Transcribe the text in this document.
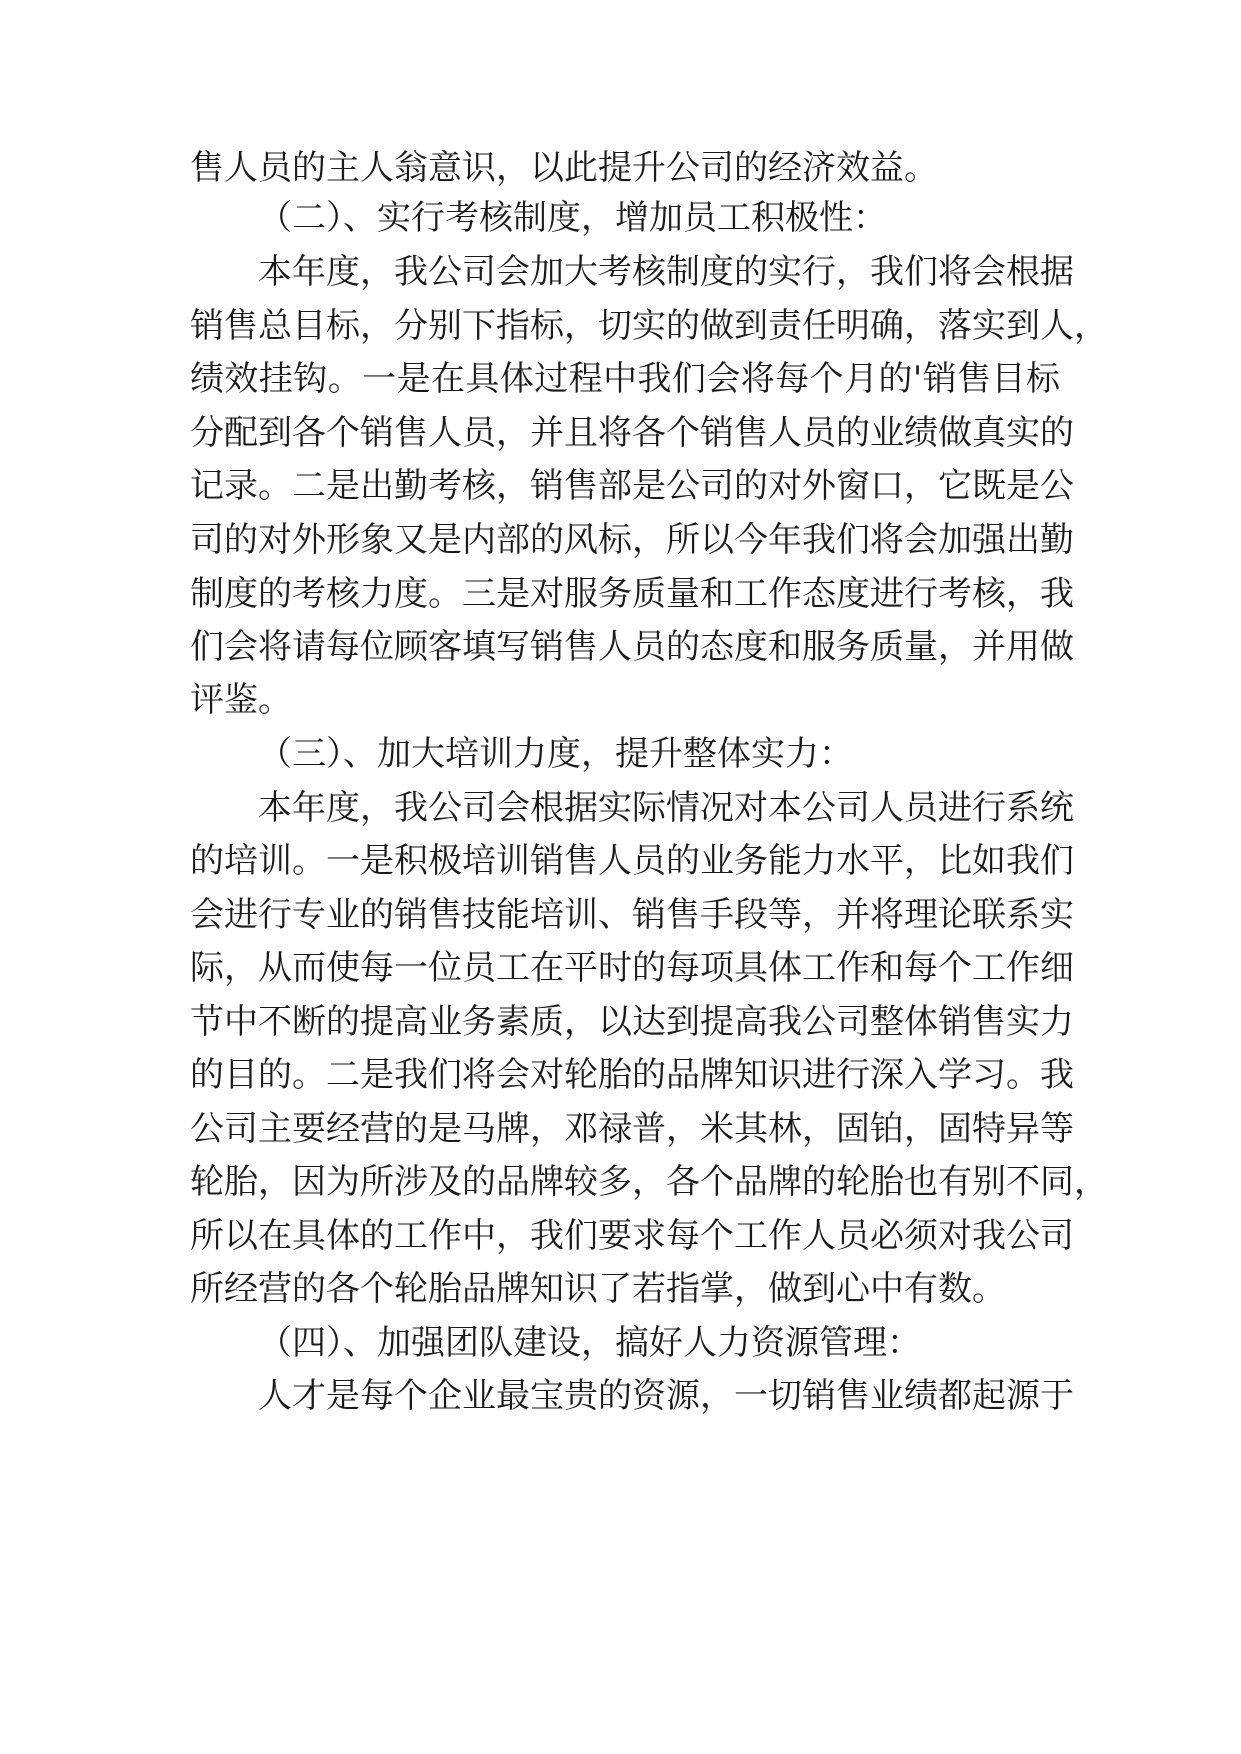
售人员的主人翁意识，以此提升公司的经济效益。

（二）、实行考核制度，增加员工积极性：

本年度，我公司会加大考核制度的实行，我们将会根据

销售总目标，分别下指标，切实的做到责任明确，落实到人，

绩效挂钩。一是在具体过程中我们会将每个月的'销售目标

分配到各个销售人员，并且将各个销售人员的业绩做真实的

记录。二是出勤考核，销售部是公司的对外窗口，它既是公

司的对外形象又是内部的风标，所以今年我们将会加强出勤

制度的考核力度。三是对服务质量和工作态度进行考核，我

们会将请每位顾客填写销售人员的态度和服务质量，并用做

评鉴。

（三）、加大培训力度，提升整体实力：

本年度，我公司会根据实际情况对本公司人员进行系统

的培训。一是积极培训销售人员的业务能力水平，比如我们

会进行专业的销售技能培训、销售手段等，并将理论联系实

际，从而使每一位员工在平时的每项具体工作和每个工作细

节中不断的提高业务素质，以达到提高我公司整体销售实力

的目的。二是我们将会对轮胎的品牌知识进行深入学习。我

公司主要经营的是马牌，邓禄普，米其林，固铂，固特异等

轮胎，因为所涉及的品牌较多，各个品牌的轮胎也有别不同，

所以在具体的工作中，我们要求每个工作人员必须对我公司

所经营的各个轮胎品牌知识了若指掌，做到心中有数。

（四）、加强团队建设，搞好人力资源管理：

人才是每个企业最宝贵的资源，一切销售业绩都起源于
